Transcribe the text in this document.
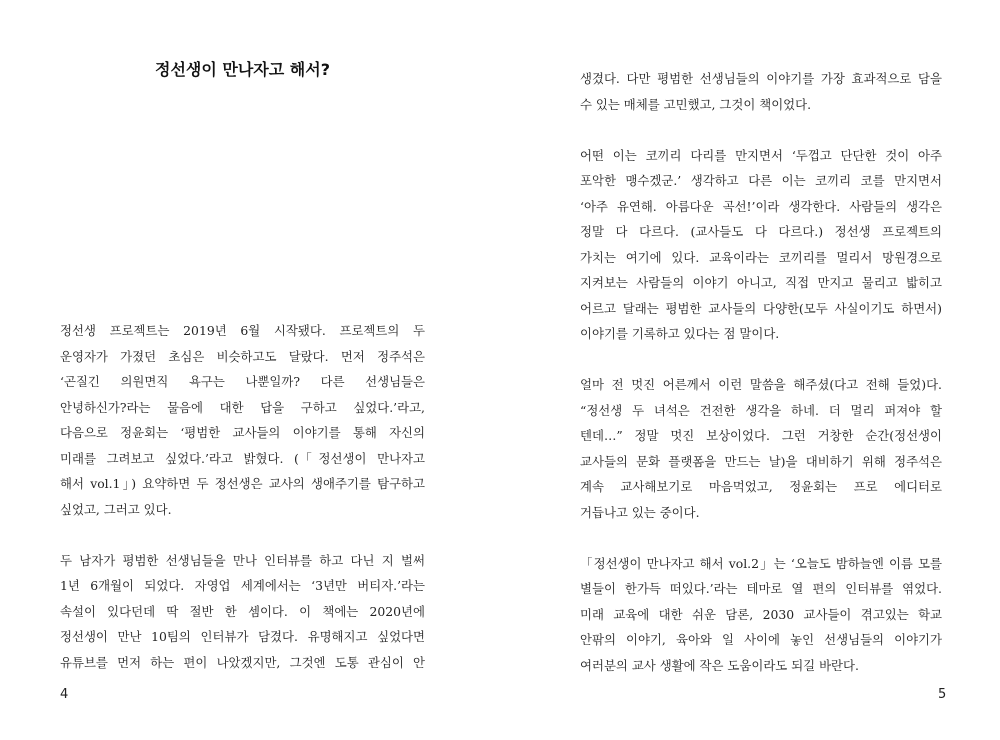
정선생이 만나자고 해서?

정선생 프로젝트는 2019년 6월 시작됐다. 프로젝트의 두

운영자가 가졌던 초심은 비슷하고도 달랐다. 먼저 정주석은

‘곤질긴 의원면직 욕구는 나뿐일까? 다른 선생님들은

안녕하신가?라는 물음에 대한 답을 구하고 싶었다.’라고,

다음으로 정윤회는 ‘평범한 교사들의 이야기를 통해 자신의

미래를 그려보고 싶었다.’라고 밝혔다. (「정선생이 만나자고

해서 vol.1」) 요약하면 두 정선생은 교사의 생애주기를 탐구하고

싶었고, 그러고 있다.

두 남자가 평범한 선생님들을 만나 인터뷰를 하고 다닌 지 벌써

1년 6개월이 되었다. 자영업 세계에서는 ‘3년만 버티자.’라는

속설이 있다던데 딱 절반 한 셈이다. 이 책에는 2020년에

정선생이 만난 10팀의 인터뷰가 담겼다. 유명해지고 싶었다면

유튜브를 먼저 하는 편이 나았겠지만, 그것엔 도통 관심이 안

4

생겼다. 다만 평범한 선생님들의 이야기를 가장 효과적으로 담을

수 있는 매체를 고민했고, 그것이 책이었다.

어떤 이는 코끼리 다리를 만지면서 ‘두껍고 단단한 것이 아주

포악한 맹수겠군.’ 생각하고 다른 이는 코끼리 코를 만지면서

‘아주 유연해. 아름다운 곡선!’이라 생각한다. 사람들의 생각은

정말 다 다르다. (교사들도 다 다르다.) 정선생 프로젝트의

가치는 여기에 있다. 교육이라는 코끼리를 멀리서 망원경으로

지켜보는 사람들의 이야기 아니고, 직접 만지고 물리고 밟히고

어르고 달래는 평범한 교사들의 다양한(모두 사실이기도 하면서)

이야기를 기록하고 있다는 점 말이다.

얼마 전 멋진 어른께서 이런 말씀을 해주셨(다고 전해 들었)다.

“정선생 두 녀석은 건전한 생각을 하네. 더 멀리 퍼져야 할

텐데…” 정말 멋진 보상이었다. 그런 거창한 순간(정선생이

교사들의 문화 플랫폼을 만드는 날)을 대비하기 위해 정주석은

계속 교사해보기로 마음먹었고, 정윤회는 프로 에디터로

거듭나고 있는 중이다.

「정선생이 만나자고 해서 vol.2」는 ‘오늘도 밤하늘엔 이름 모를

별들이 한가득 떠있다.’라는 테마로 열 편의 인터뷰를 엮었다.

미래 교육에 대한 쉬운 담론, 2030 교사들이 겪고있는 학교

안팎의 이야기, 육아와 일 사이에 놓인 선생님들의 이야기가

여러분의 교사 생활에 작은 도움이라도 되길 바란다.

5
